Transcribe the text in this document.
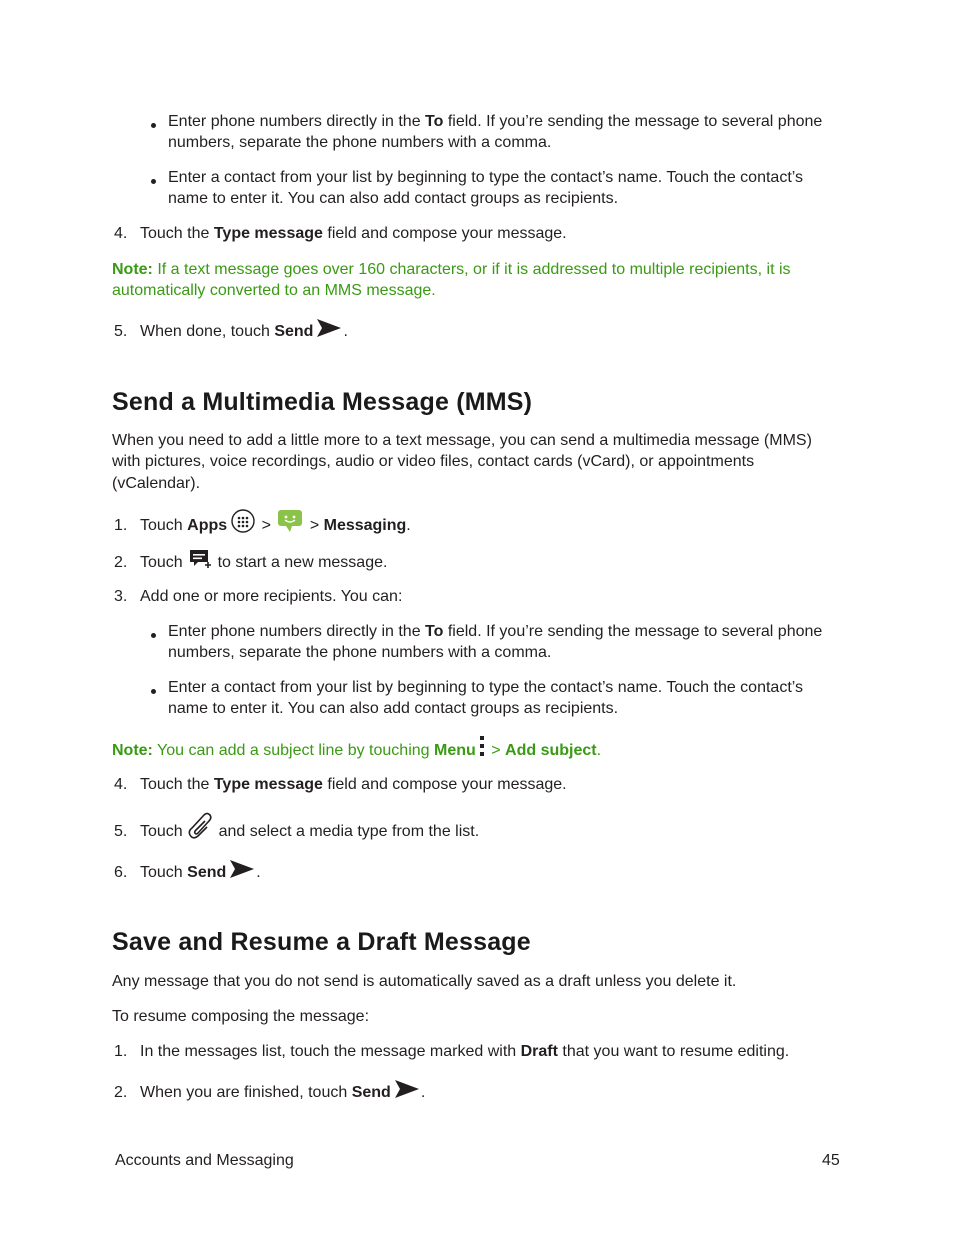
Enter phone numbers directly in the To field. If you’re sending the message to several phone
numbers, separate the phone numbers with a comma.
Enter a contact from your list by beginning to type the contact’s name. Touch the contact’s
name to enter it. You can also add contact groups as recipients.
4. Touch the Type message field and compose your message.
Note: If a text message goes over 160 characters, or if it is addressed to multiple recipients, it is
automatically converted to an MMS message.
5. When done, touch Send .
Send a Multimedia Message (MMS)
When you need to add a little more to a text message, you can send a multimedia message (MMS)
with pictures, voice recordings, audio or video files, contact cards (vCard), or appointments
(vCalendar).
1. Touch Apps >  > Messaging.
2. Touch  to start a new message.
3. Add one or more recipients. You can:
Enter phone numbers directly in the To field. If you’re sending the message to several phone
numbers, separate the phone numbers with a comma.
Enter a contact from your list by beginning to type the contact’s name. Touch the contact’s
name to enter it. You can also add contact groups as recipients.
Note: You can add a subject line by touching Menu > Add subject.
4. Touch the Type message field and compose your message.
5. Touch  and select a media type from the list.
6. Touch Send .
Save and Resume a Draft Message
Any message that you do not send is automatically saved as a draft unless you delete it.
To resume composing the message:
1. In the messages list, touch the message marked with Draft that you want to resume editing.
2. When you are finished, touch Send .
Accounts and Messaging	45
